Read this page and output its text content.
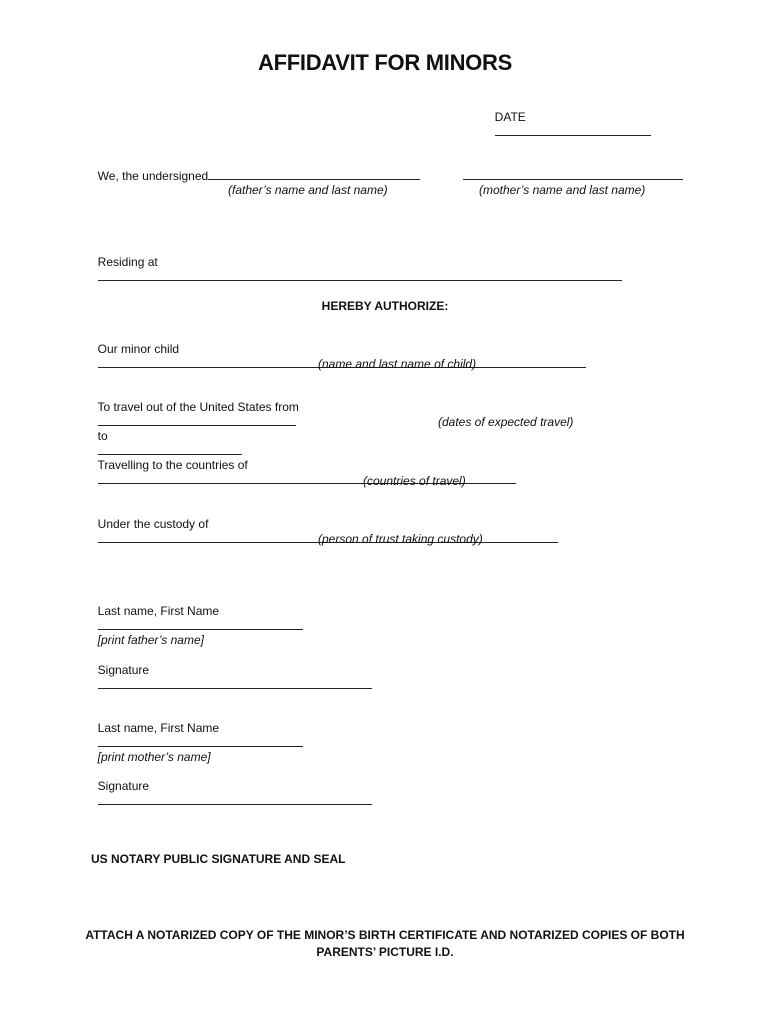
AFFIDAVIT FOR MINORS

DATE

We, the undersigned

(father’s name and last name)	(mother’s name and last name)

Residing at

HEREBY AUTHORIZE:

Our minor child

(name and last name of child)

To travel out of the United States from

to

(dates of expected travel)

Travelling to the countries of

(countries of travel)

Under the custody of

(person of trust taking custody)

Last name, First Name

[print father’s name]

Signature

Last name, First Name

[print mother’s name]

Signature

US NOTARY PUBLIC SIGNATURE AND SEAL
ATTACH A NOTARIZED COPY OF THE MINOR’S BIRTH CERTIFICATE AND NOTARIZED COPIES OF BOTH PARENTS’ PICTURE I.D.
